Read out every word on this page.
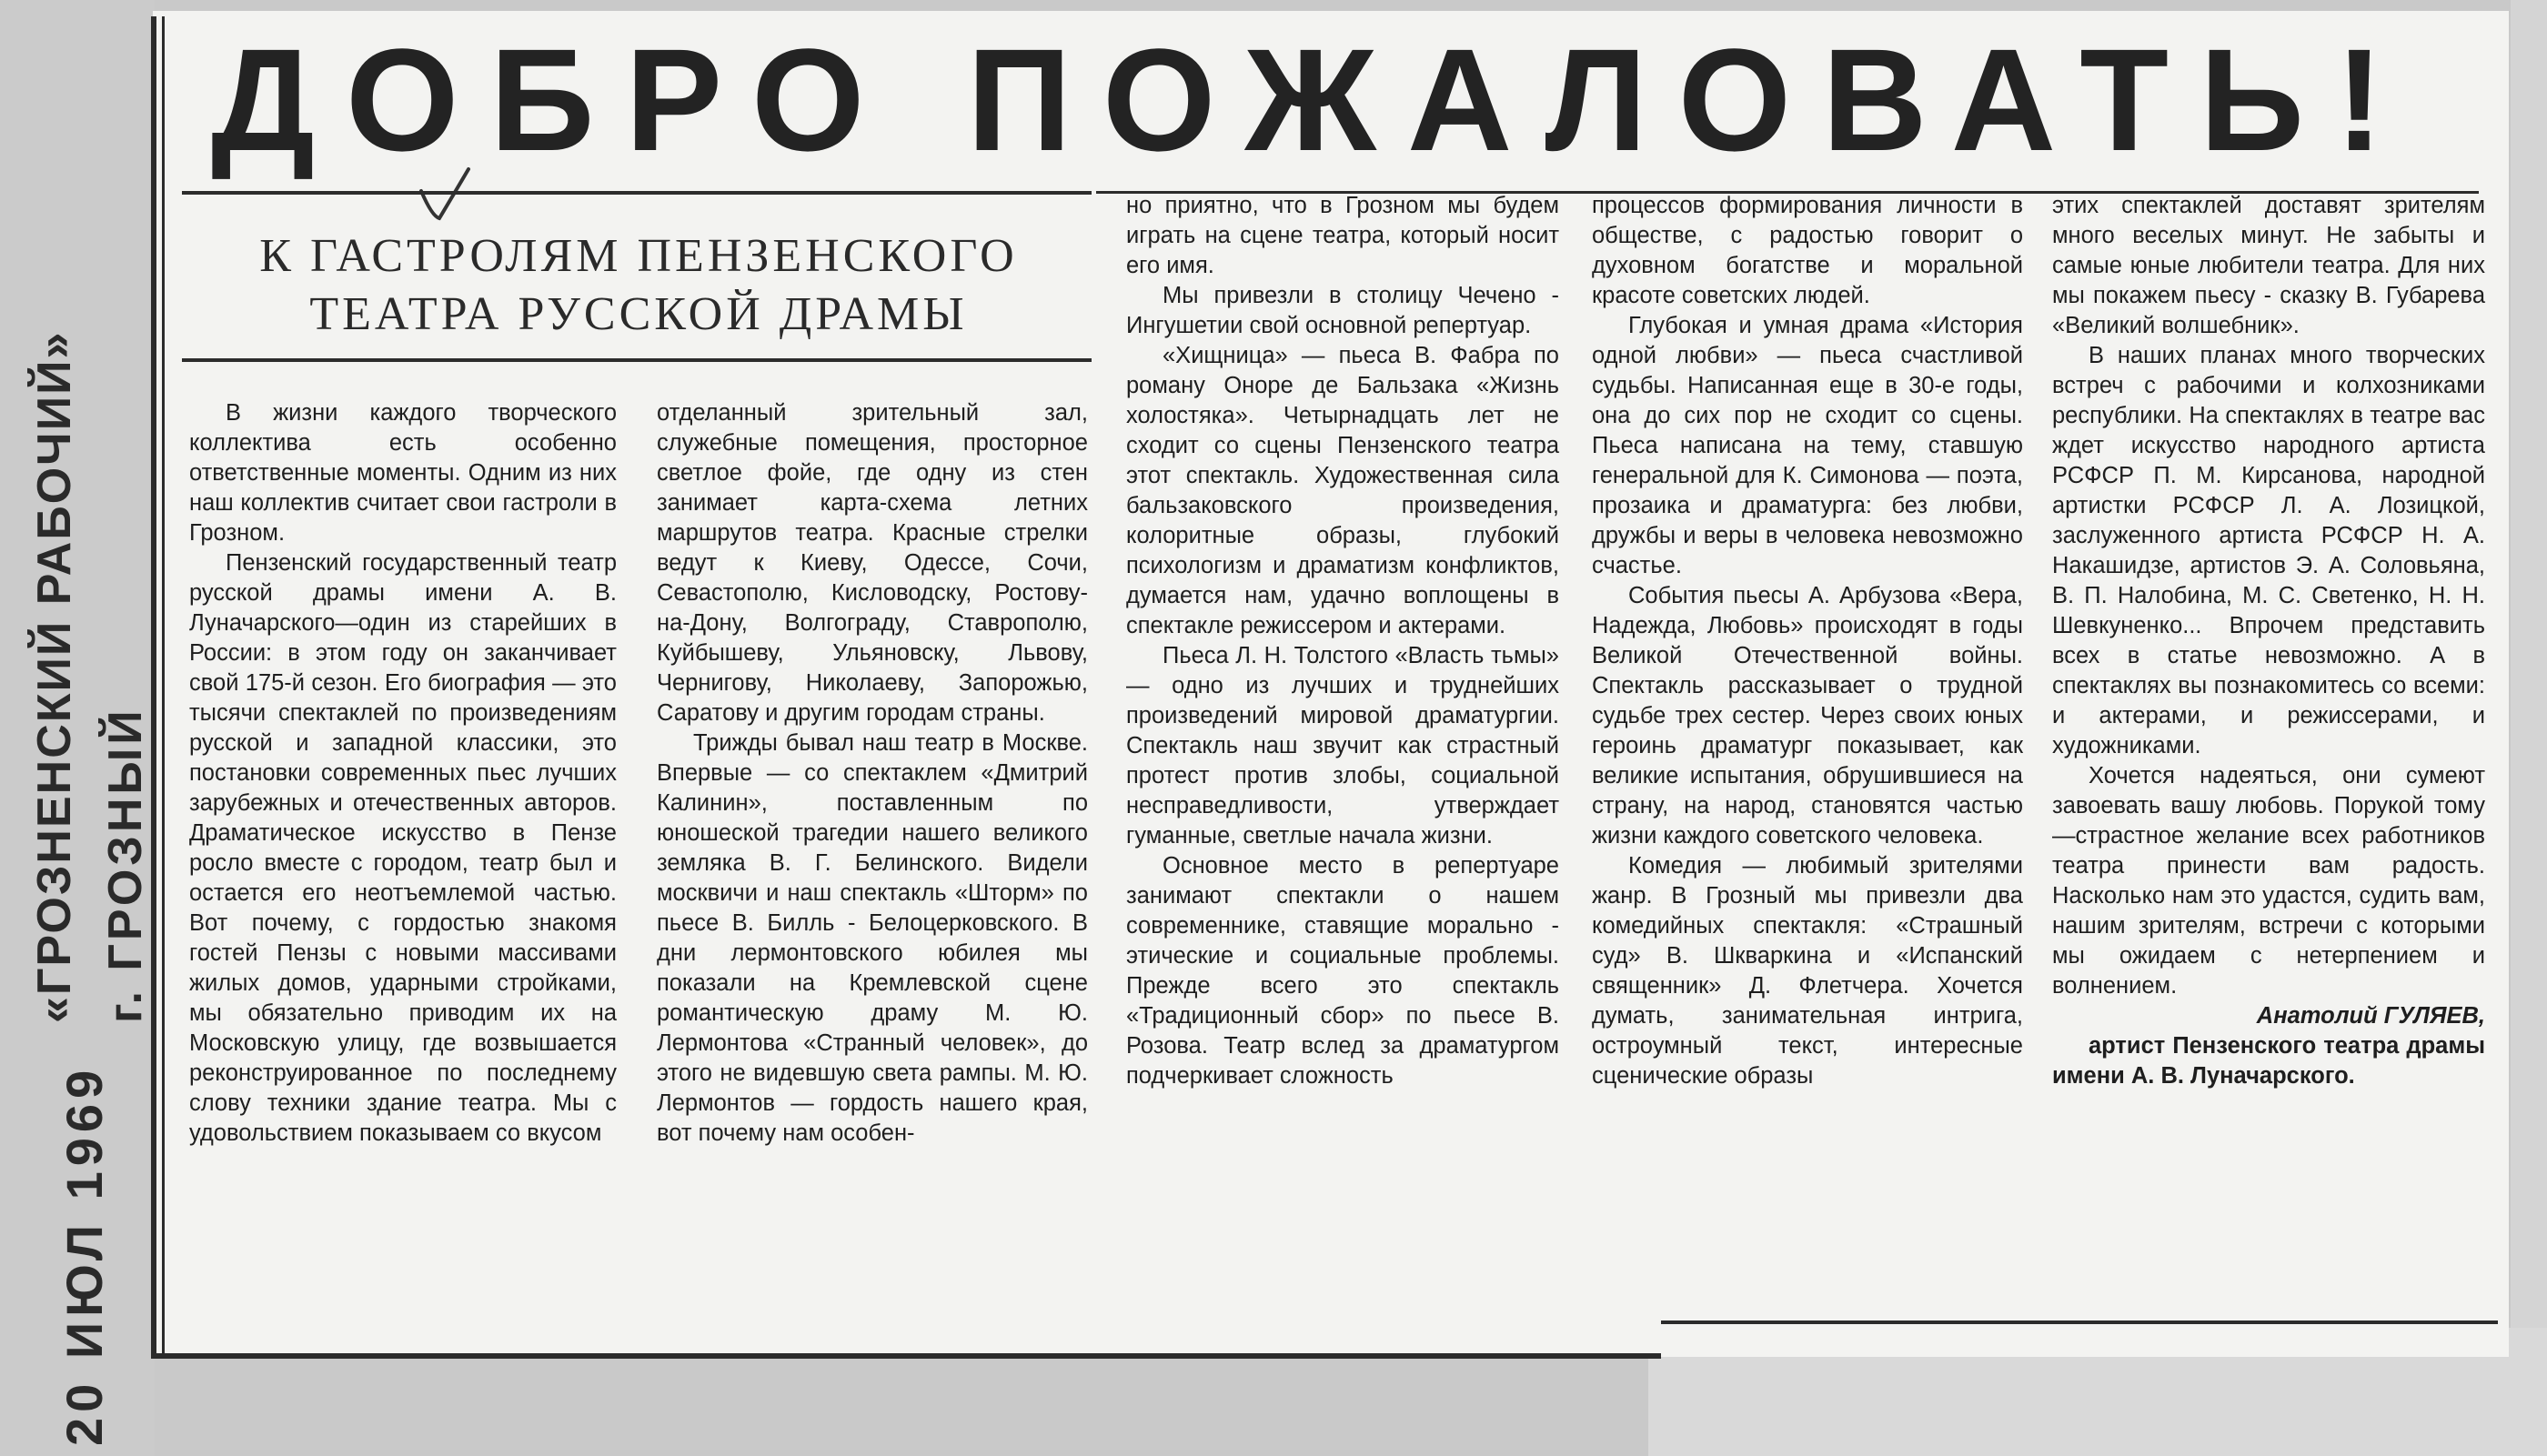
«ГРОЗНЕНСКИЙ РАБОЧИЙ» г. ГРОЗНЫЙ
20 ИЮЛ 1969
ДОБРО ПОЖАЛОВАТЬ!
К ГАСТРОЛЯМ ПЕНЗЕНСКОГО
ТЕАТРА РУССКОЙ ДРАМЫ

В жизни каждого творческого коллектива есть особенно ответственные моменты. Одним из них наш коллектив считает свои гастроли в Грозном.

Пензенский государственный театр русской драмы имени А. В. Луначарского—один из старейших в России: в этом году он заканчивает свой 175-й сезон. Его биография — это тысячи спектаклей по произведениям русской и западной классики, это постановки современных пьес лучших зарубежных и отечественных авторов. Драматическое искусство в Пензе росло вместе с городом, театр был и остается его неотъемлемой частью. Вот почему, с гордостью знакомя гостей Пензы с новыми массивами жилых домов, ударными стройками, мы обязательно приводим их на Московскую улицу, где возвышается реконструированное по последнему слову техники здание театра. Мы с удовольствием показываем со вкусом

отделанный зрительный зал, служебные помещения, просторное светлое фойе, где одну из стен занимает карта-схема летних маршрутов театра. Красные стрелки ведут к Киеву, Одессе, Сочи, Севастополю, Кисловодску, Ростову-на-Дону, Волгограду, Ставрополю, Куйбышеву, Ульяновску, Львову, Чернигову, Николаеву, Запорожью, Саратову и другим городам страны.

Трижды бывал наш театр в Москве. Впервые — со спектаклем «Дмитрий Калинин», поставленным по юношеской трагедии нашего великого земляка В. Г. Белинского. Видели москвичи и наш спектакль «Шторм» по пьесе В. Билль - Белоцерковского. В дни лермонтовского юбилея мы показали на Кремлевской сцене романтическую драму М. Ю. Лермонтова «Странный человек», до этого не видевшую света рампы. М. Ю. Лермонтов — гордость нашего края, вот почему нам особен-

но приятно, что в Грозном мы будем играть на сцене театра, который носит его имя.

Мы привезли в столицу Чечено - Ингушетии свой основной репертуар.

«Хищница» — пьеса В. Фабра по роману Оноре де Бальзака «Жизнь холостяка». Четырнадцать лет не сходит со сцены Пензенского театра этот спектакль. Художественная сила бальзаковского произведения, колоритные образы, глубокий психологизм и драматизм конфликтов, думается нам, удачно воплощены в спектакле режиссером и актерами.

Пьеса Л. Н. Толстого «Власть тьмы» — одно из лучших и труднейших произведений мировой драматургии. Спектакль наш звучит как страстный протест против злобы, социальной несправедливости, утверждает гуманные, светлые начала жизни.

Основное место в репертуаре занимают спектакли о нашем современнике, ставящие морально - этические и социальные проблемы. Прежде всего это спектакль «Традиционный сбор» по пьесе В. Розова. Театр вслед за драматургом подчеркивает сложность

процессов формирования личности в обществе, с радостью говорит о духовном богатстве и моральной красоте советских людей.

Глубокая и умная драма «История одной любви» — пьеса счастливой судьбы. Написанная еще в 30-е годы, она до сих пор не сходит со сцены. Пьеса написана на тему, ставшую генеральной для К. Симонова — поэта, прозаика и драматурга: без любви, дружбы и веры в человека невозможно счастье.

События пьесы А. Арбузова «Вера, Надежда, Любовь» происходят в годы Великой Отечественной войны. Спектакль рассказывает о трудной судьбе трех сестер. Через своих юных героинь драматург показывает, как великие испытания, обрушившиеся на страну, на народ, становятся частью жизни каждого советского человека.

Комедия — любимый зрителями жанр. В Грозный мы привезли два комедийных спектакля: «Страшный суд» В. Шкваркина и «Испанский священник» Д. Флетчера. Хочется думать, занимательная интрига, остроумный текст, интересные сценические образы

этих спектаклей доставят зрителям много веселых минут. Не забыты и самые юные любители театра. Для них мы покажем пьесу - сказку В. Губарева «Великий волшебник».

В наших планах много творческих встреч с рабочими и колхозниками республики. На спектаклях в театре вас ждет искусство народного артиста РСФСР П. М. Кирсанова, народной артистки РСФСР Л. А. Лозицкой, заслуженного артиста РСФСР Н. А. Накашидзе, артистов Э. А. Соловьяна, В. П. Налобина, М. С. Светенко, Н. Н. Шевкуненко... Впрочем представить всех в статье невозможно. А в спектаклях вы познакомитесь со всеми: и актерами, и режиссерами, и художниками.

Хочется надеяться, они сумеют завоевать вашу любовь. Порукой тому—страстное желание всех работников театра принести вам радость. Насколько нам это удастся, судить вам, нашим зрителям, встречи с которыми мы ожидаем с нетерпением и волнением.

Анатолий ГУЛЯЕВ,

артист Пензенского театра драмы имени А. В. Луначарского.
